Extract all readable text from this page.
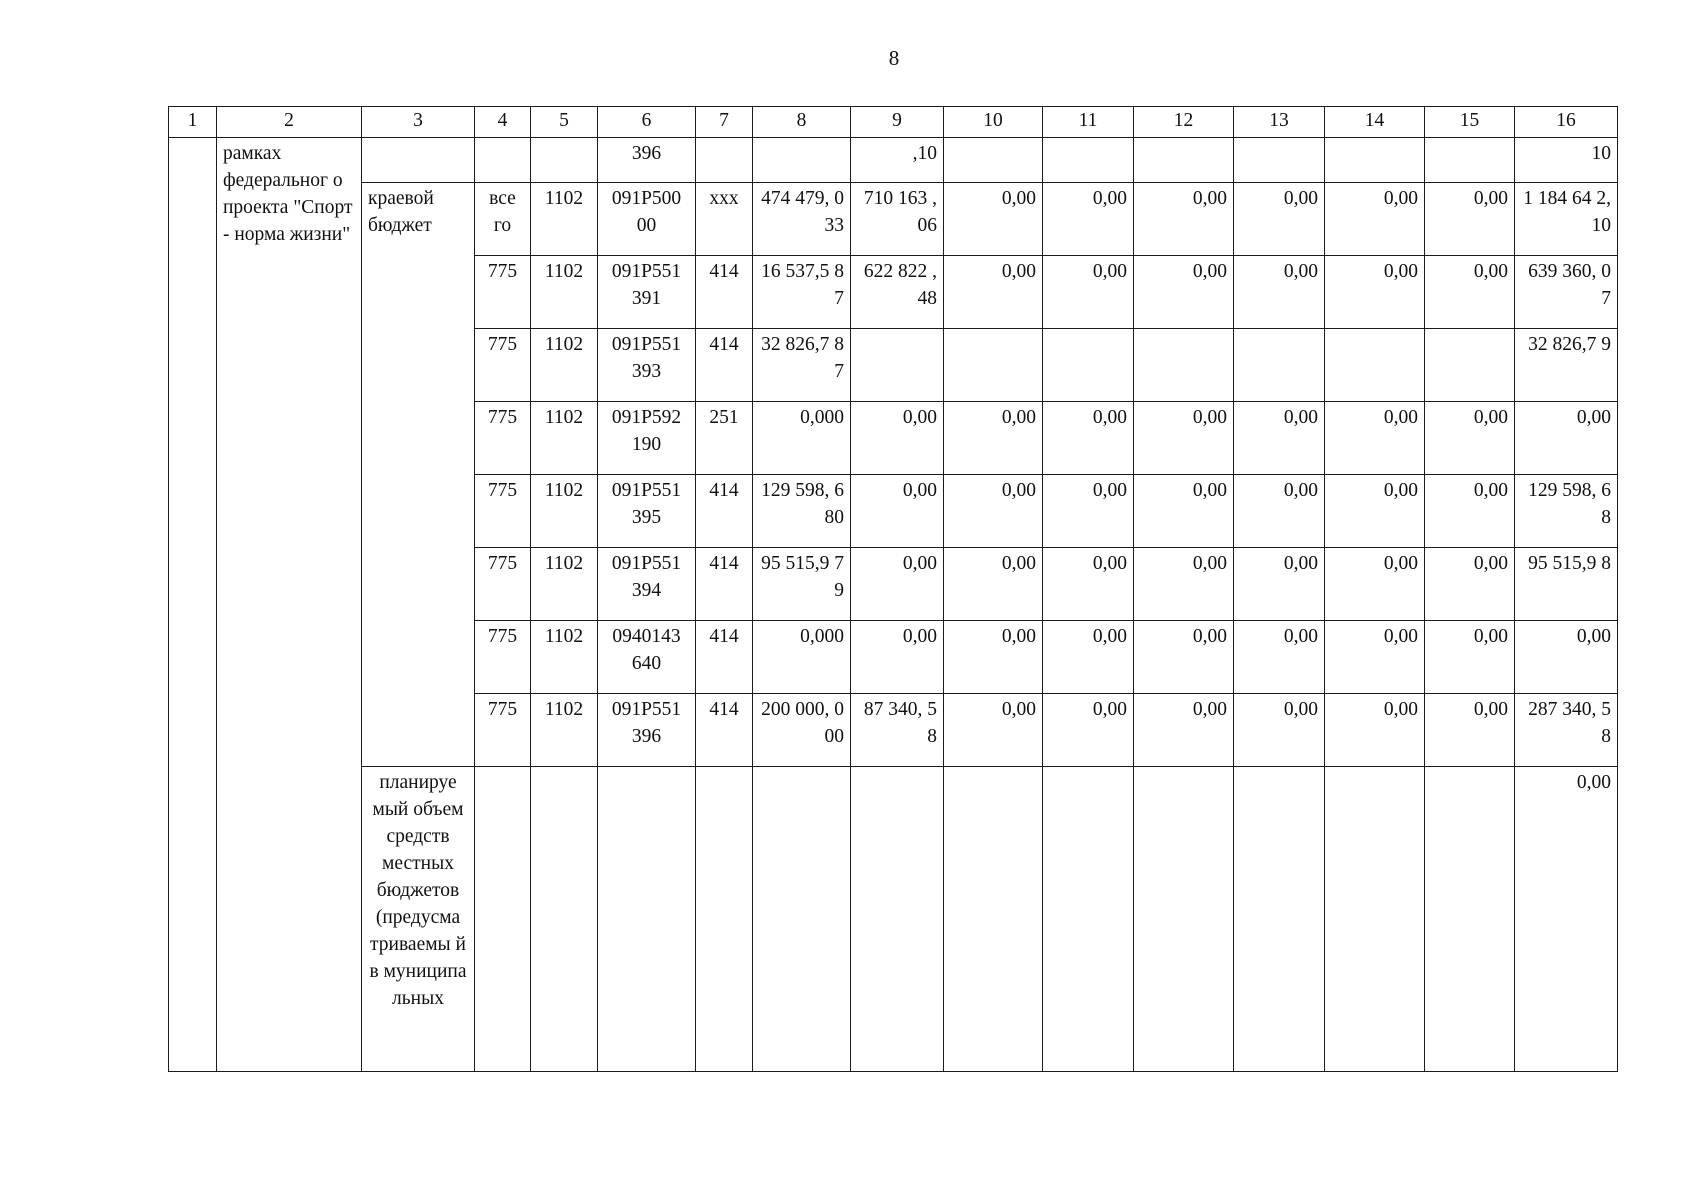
8
1	2	3	4	5	6	7	8	9	10	11	12	13	14	15	16
	рамках федеральног о проекта "Спорт - норма жизни"				396			,10							10
		краевой бюджет	все го	1102	091Р500 00	ххх	474 479, 033	710 163 ,06	0,00	0,00	0,00	0,00	0,00	0,00	1 184 64 2,10
			775	1102	091Р551 391	414	16 537,5 87	622 822 ,48	0,00	0,00	0,00	0,00	0,00	0,00	639 360, 07
			775	1102	091Р551 393	414	32 826,7 87								32 826,7 9
			775	1102	091Р592 190	251	0,000	0,00	0,00	0,00	0,00	0,00	0,00	0,00	0,00
			775	1102	091Р551 395	414	129 598, 680	0,00	0,00	0,00	0,00	0,00	0,00	0,00	129 598, 68
			775	1102	091Р551 394	414	95 515,9 79	0,00	0,00	0,00	0,00	0,00	0,00	0,00	95 515,9 8
			775	1102	0940143 640	414	0,000	0,00	0,00	0,00	0,00	0,00	0,00	0,00	0,00
			775	1102	091Р551 396	414	200 000, 000	87 340, 58	0,00	0,00	0,00	0,00	0,00	0,00	287 340, 58
		планируе мый объем средств местных бюджетов (предусма триваемы й в муниципа льных													0,00
